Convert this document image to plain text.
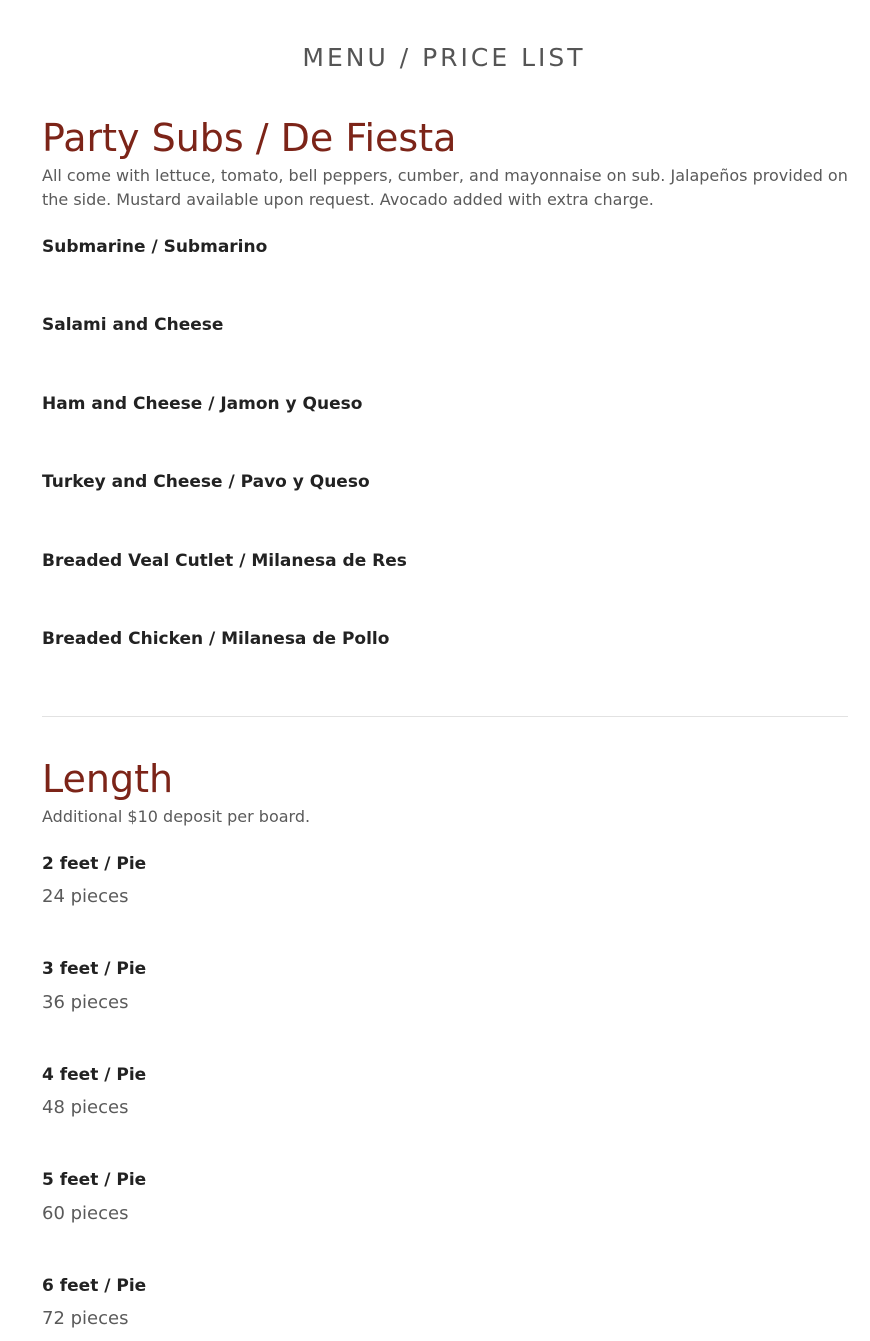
MENU / PRICE LIST
Party Subs / De Fiesta
All come with lettuce, tomato, bell peppers, cumber, and mayonnaise on sub. Jalapeños provided on the side. Mustard available upon request. Avocado added with extra charge.
Submarine / Submarino
Salami and Cheese
Ham and Cheese / Jamon y Queso
Turkey and Cheese / Pavo y Queso
Breaded Veal Cutlet / Milanesa de Res
Breaded Chicken / Milanesa de Pollo
Length
Additional $10 deposit per board.
2 feet / Pie
24 pieces
3 feet / Pie
36 pieces
4 feet / Pie
48 pieces
5 feet / Pie
60 pieces
6 feet / Pie
72 pieces
